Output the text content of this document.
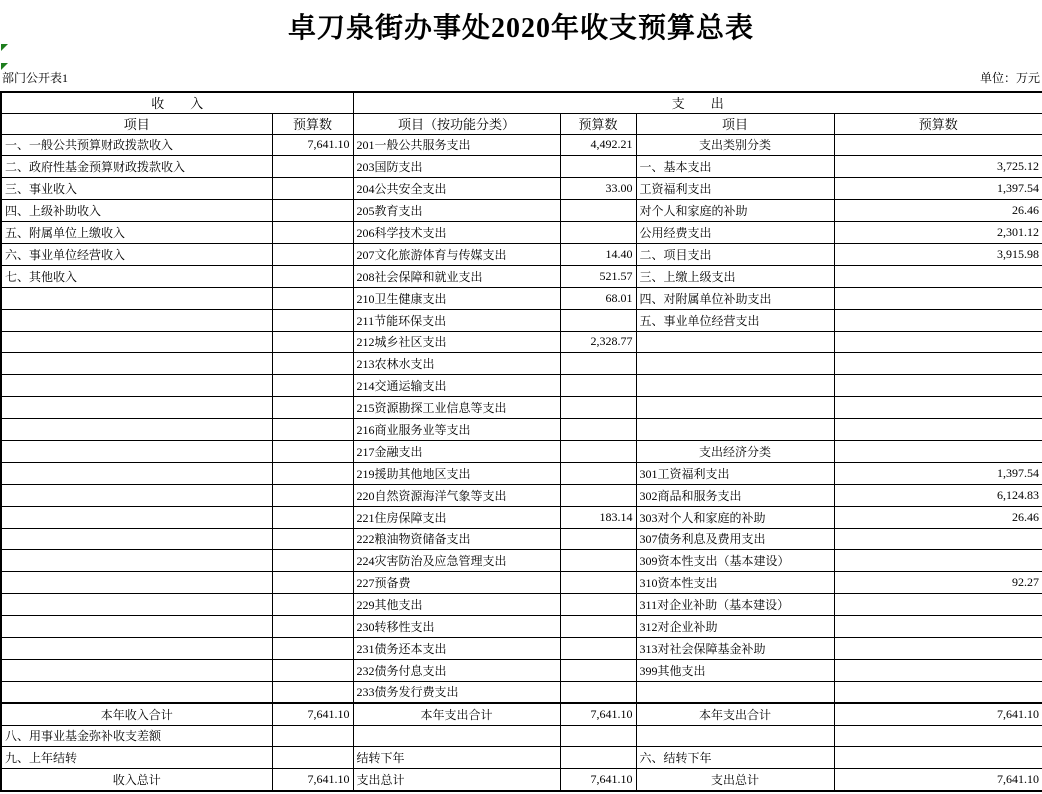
卓刀泉街办事处2020年收支预算总表
部门公开表1	单位：万元
收　　入		支　　出			
项目	预算数	项目（按功能分类）	预算数	项目	预算数
一、一般公共预算财政拨款收入	7,641.10	201一般公共服务支出	4,492.21	支出类别分类	
二、政府性基金预算财政拨款收入		203国防支出		一、基本支出	3,725.12
三、事业收入		204公共安全支出	33.00	工资福利支出	1,397.54
四、上级补助收入		205教育支出		对个人和家庭的补助	26.46
五、附属单位上缴收入		206科学技术支出		公用经费支出	2,301.12
六、事业单位经营收入		207文化旅游体育与传媒支出	14.40	二、项目支出	3,915.98
七、其他收入		208社会保障和就业支出	521.57	三、上缴上级支出	
		210卫生健康支出	68.01	四、对附属单位补助支出	
		211节能环保支出		五、事业单位经营支出	
		212城乡社区支出	2,328.77		
		213农林水支出			
		214交通运输支出			
		215资源勘探工业信息等支出			
		216商业服务业等支出			
		217金融支出		支出经济分类	
		219援助其他地区支出		301工资福利支出	1,397.54
		220自然资源海洋气象等支出		302商品和服务支出	6,124.83
		221住房保障支出	183.14	303对个人和家庭的补助	26.46
		222粮油物资储备支出		307债务利息及费用支出	
		224灾害防治及应急管理支出		309资本性支出（基本建设）	
		227预备费		310资本性支出	92.27
		229其他支出		311对企业补助（基本建设）	
		230转移性支出		312对企业补助	
		231债务还本支出		313对社会保障基金补助	
		232债务付息支出		399其他支出	
		233债务发行费支出			
本年收入合计	7,641.10	本年支出合计	7,641.10	本年支出合计	7,641.10
八、用事业基金弥补收支差额					
九、上年结转		结转下年		六、结转下年	
收入总计	7,641.10	支出总计	7,641.10	支出总计	7,641.10
